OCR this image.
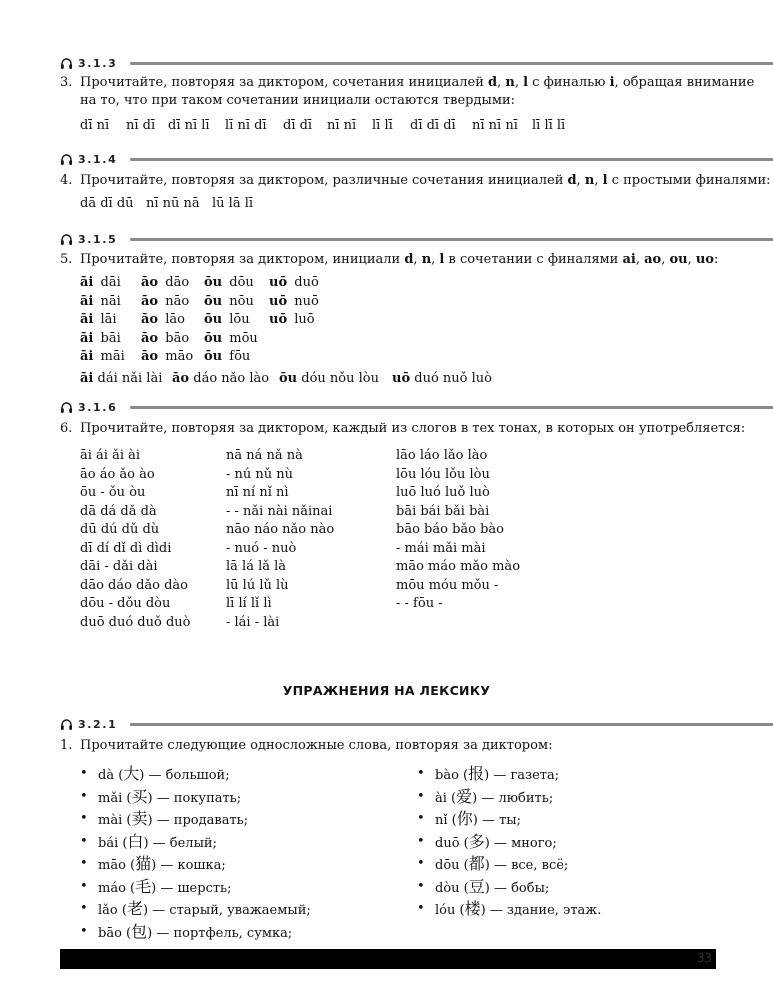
3.1.3
3. Прочитайте, повторяя за диктором, сочетания инициалей d, n, l с финалью i, обращая внимание
на то, что при таком сочетании инициали остаются твердыми:
dī nī nī dī dī nī lī lī nī dī dī dī nī nī lī lī dī dī dī nī nī nī lī lī lī
3.1.4
4. Прочитайте, повторяя за диктором, различные сочетания инициалей d, n, l с простыми финалями:
dā dī dū nī nū nā lū lā lī
3.1.5
5. Прочитайте, повторяя за диктором, инициали d, n, l в сочетании с финалями ai, ao, ou, uo:
āi dāi
āi nāi
āi lāi
āi bāi
āi māi
āo dāo
āo nāo
āo lāo
āo bāo
āo māo
ōu dōu
ōu nōu
ōu lōu
ōu mōu
ōu fōu
uō duō
uō nuō
uō luō
āi dái nǎi lài āo dáo nǎo lào ōu dóu nǒu lòu uō duó nuǒ luò
3.1.6
6. Прочитайте, повторяя за диктором, каждый из слогов в тех тонах, в которых он употребляется:
āi ái ǎi ài
āo áo ǎo ào
ōu - ǒu òu
dā dá dǎ dà
dū dú dǔ dù
dī dí dǐ dì dìdi
dāi - dǎi dài
dāo dáo dǎo dào
dōu - dǒu dòu
duō duó duǒ duò
nā ná nǎ nà
- nú nǔ nù
nī ní nǐ nì
- - nǎi nài nǎinai
nāo náo nǎo nào
- nuó - nuò
lā lá lǎ là
lū lú lǔ lù
lī lí lǐ lì
- lái - lài
lāo láo lǎo lào
lōu lóu lǒu lòu
luō luó luǒ luò
bāi bái bǎi bài
bāo báo bǎo bào
- mái mǎi mài
māo máo mǎo mào
mōu móu mǒu -
- - fōu -
УПРАЖНЕНИЯ НА ЛЕКСИКУ
3.2.1
1. Прочитайте следующие односложные слова, повторяя за диктором:
• dà (大) — большой;
• mǎi (买) — покупать;
• mài (卖) — продавать;
• bái (白) — белый;
• māo (猫) — кошка;
• máo (毛) — шерсть;
• lǎo (老) — старый, уважаемый;
• bāo (包) — портфель, сумка;
• bào (报) — газета;
• ài (爱) — любить;
• nǐ (你) — ты;
• duō (多) — много;
• dōu (都) — все, всё;
• dòu (豆) — бобы;
• lóu (楼) — здание, этаж.
33
